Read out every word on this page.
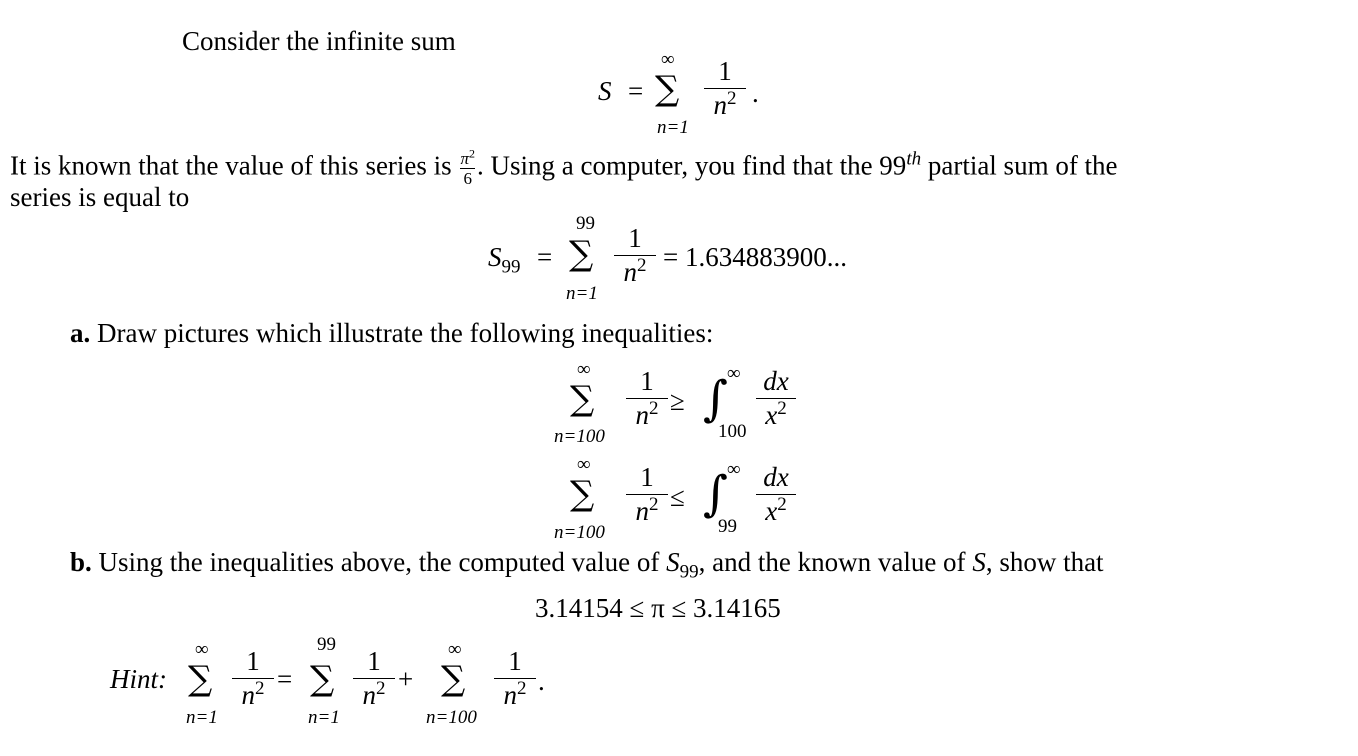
Consider the infinite sum
S =
∞
∑
n=1
1
$n^2$ .
It is known that the value of this series is $\frac{\pi^2}{6}$ . Using a computer, you find that the 99th partial sum of the
series is equal to
$S_{99}$ =
99
∑
n=1
1
$n^2 = 1.634883900$...
a. Draw pictures which illustrate the following inequalities:
∞
∑
n=100
1
$n^2$ ≥ ∫
∞
100
dx
$x^2$
∞
∑
n=100
1
$n^2$ ≤ ∫
∞
99
dx
$x^2$
b. Using the inequalities above, the computed value of $S_{99}$, and the known value of S, show that
3.14154 ≤ π ≤ 3.14165
Hint:
∞
∑
n=1
1
$n^2$ =
99
∑
n=1
1
$n^2$ +
∞
∑
n=100
1
$n^2$ .
